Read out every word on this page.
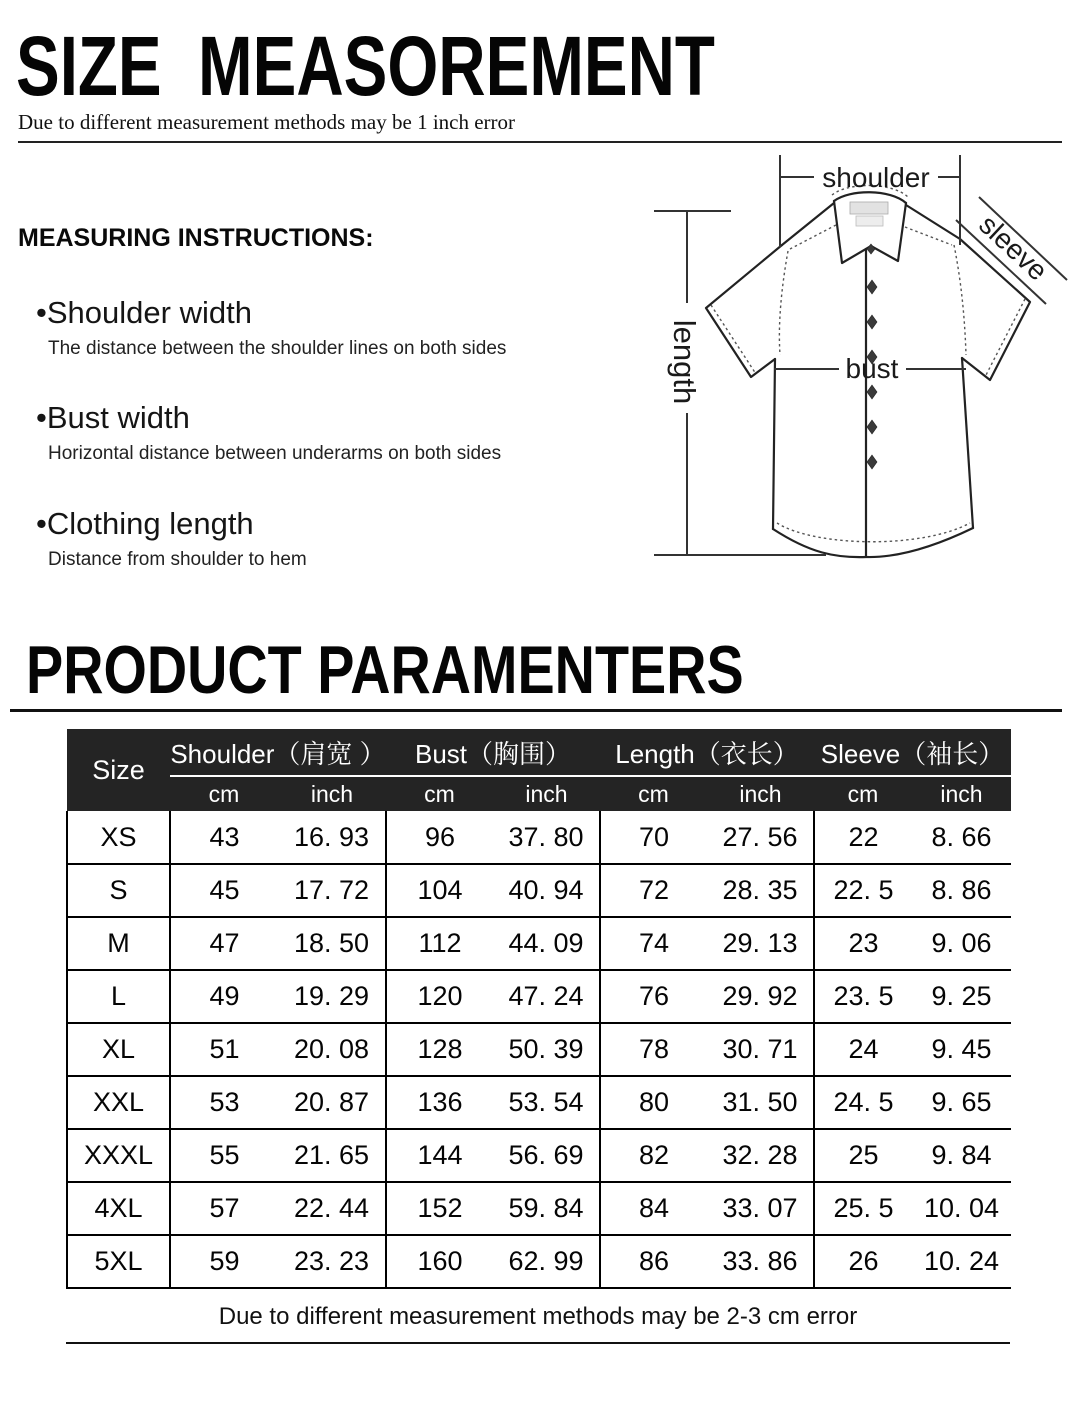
SIZE  MEASOREMENT
Due to different measurement methods may be 1 inch error
MEASURING INSTRUCTIONS:
•Shoulder width
The distance between the shoulder lines on both sides
•Bust width
Horizontal distance between underarms on both sides
•Clothing length
Distance from shoulder to hem
shoulder
sleeve
length	bust
PRODUCT PARAMENTERS
Size	Shoulder（肩宽 ）		Bust（胸围）		Length（衣长）		Sleeve（袖长）	
	cm	inch	cm	inch	cm	inch	cm	inch
XS	43	16. 93	96	37. 80	70	27. 56	22	8. 66
S	45	17. 72	104	40. 94	72	28. 35	22. 5	8. 86
M	47	18. 50	112	44. 09	74	29. 13	23	9. 06
L	49	19. 29	120	47. 24	76	29. 92	23. 5	9. 25
XL	51	20. 08	128	50. 39	78	30. 71	24	9. 45
XXL	53	20. 87	136	53. 54	80	31. 50	24. 5	9. 65
XXXL	55	21. 65	144	56. 69	82	32. 28	25	9. 84
4XL	57	22. 44	152	59. 84	84	33. 07	25. 5	10. 04
5XL	59	23. 23	160	62. 99	86	33. 86	26	10. 24
Due to different measurement methods may be 2-3 cm error
